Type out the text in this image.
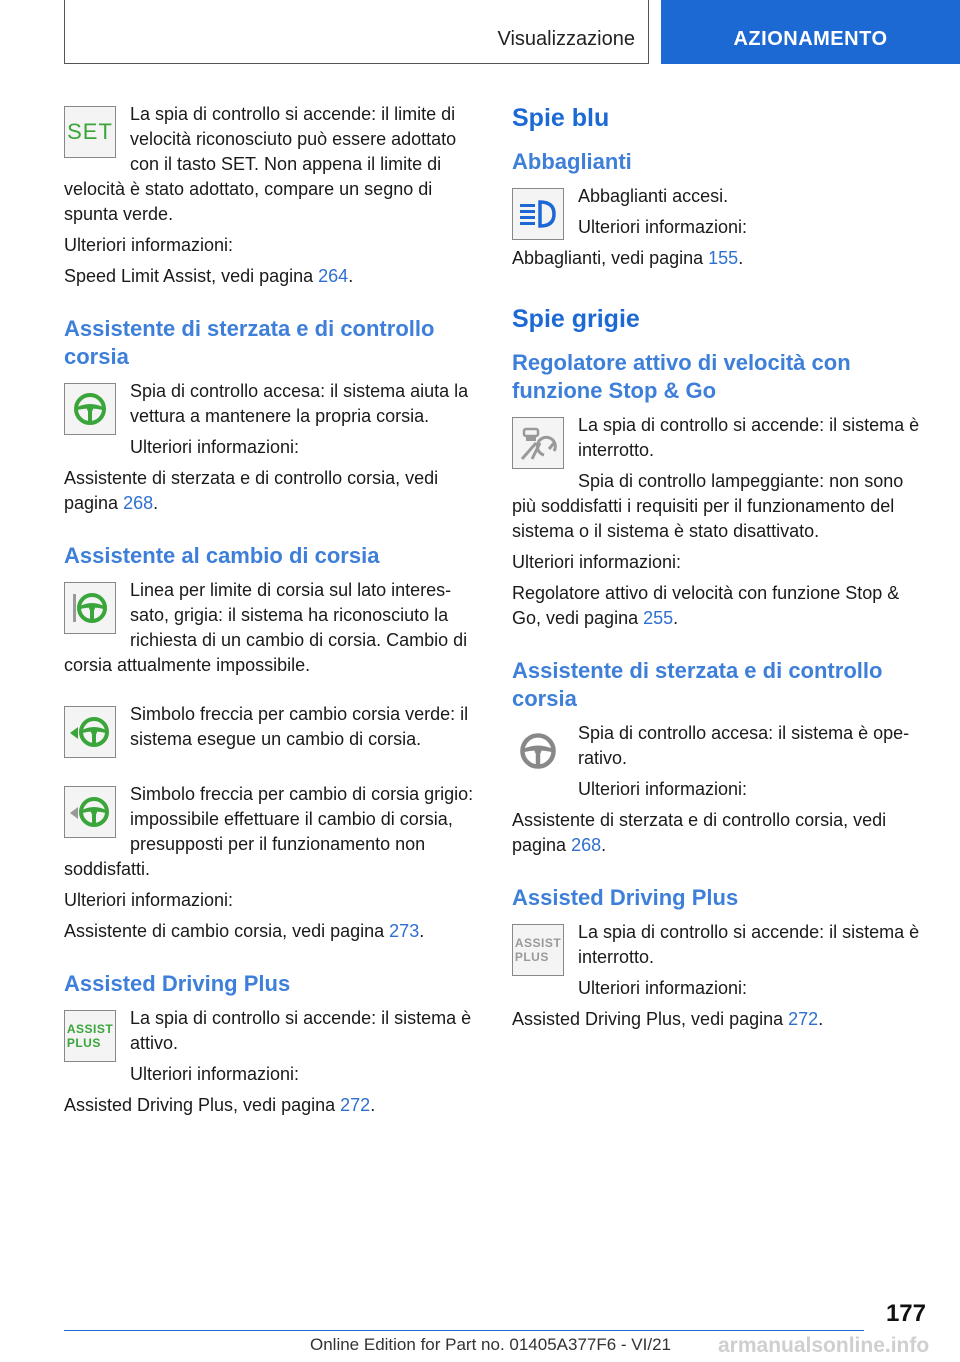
Visualizzazione	AZIONAMENTO
SET

La spia di controllo si accende: il limite di velocità riconosciuto può essere adottato con il tasto SET. Non appena il limite di velocità è stato adottato, compare un segno di spunta verde.

Ulteriori informazioni:

Speed Limit Assist, vedi pagina 264.

Assistente di sterzata e di controllo corsia

Spia di controllo accesa: il sistema aiuta la vettura a mantenere la propria corsia.

Ulteriori informazioni:

Assistente di sterzata e di controllo corsia, vedi pagina 268.

Assistente al cambio di corsia

Linea per limite di corsia sul lato interessato, grigia: il sistema ha riconosciuto la richiesta di un cambio di corsia. Cambio di corsia attualmente impossibile.

Simbolo freccia per cambio corsia verde: il sistema esegue un cambio di corsia.

Simbolo freccia per cambio di corsia grigio: impossibile effettuare il cambio di corsia, presupposti per il funzionamento non soddisfatti.

Ulteriori informazioni:

Assistente di cambio corsia, vedi pagina 273.

Assisted Driving Plus
ASSIST
PLUS

La spia di controllo si accende: il sistema è attivo.

Ulteriori informazioni:

Assisted Driving Plus, vedi pagina 272.

Spie blu
Abbaglianti

Abbaglianti accesi.

Ulteriori informazioni:

Abbaglianti, vedi pagina 155.

Spie grigie
Regolatore attivo di velocità con funzione Stop & Go

La spia di controllo si accende: il sistema è interrotto.

Spia di controllo lampeggiante: non sono più soddisfatti i requisiti per il funzionamento del sistema o il sistema è stato disattivato.

Ulteriori informazioni:

Regolatore attivo di velocità con funzione Stop & Go, vedi pagina 255.

Assistente di sterzata e di controllo corsia

Spia di controllo accesa: il sistema è operativo.

Ulteriori informazioni:

Assistente di sterzata e di controllo corsia, vedi pagina 268.

Assisted Driving Plus
ASSIST
PLUS

La spia di controllo si accende: il sistema è interrotto.

Ulteriori informazioni:

Assisted Driving Plus, vedi pagina 272.

177
Online Edition for Part no. 01405A377F6 - VI/21 armanualsonline.info
